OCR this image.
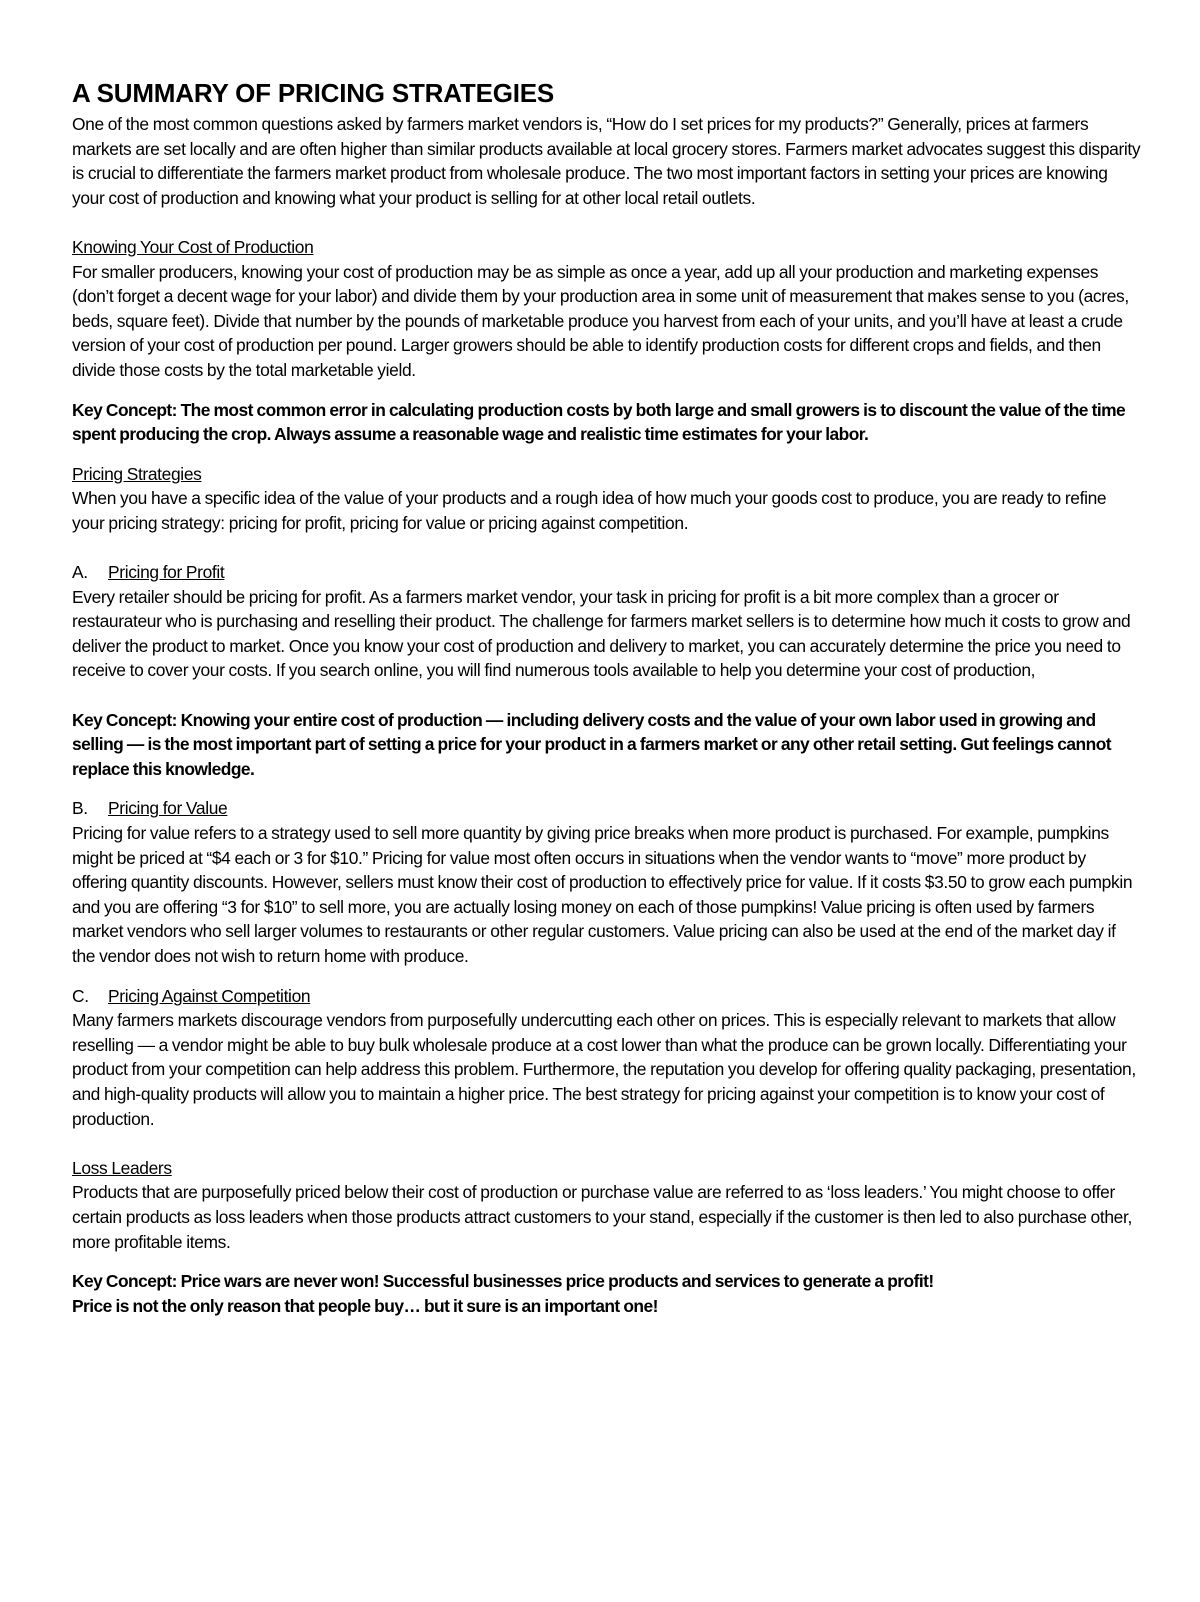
A SUMMARY OF PRICING STRATEGIES

One of the most common questions asked by farmers market vendors is, “How do I set prices for my products?” Generally, prices at farmers markets are set locally and are often higher than similar products available at local grocery stores. Farmers market advocates suggest this disparity is crucial to differentiate the farmers market product from wholesale produce. The two most important factors in setting your prices are knowing your cost of production and knowing what your product is selling for at other local retail outlets.

Knowing Your Cost of Production

For smaller producers, knowing your cost of production may be as simple as once a year, add up all your production and marketing expenses (don’t forget a decent wage for your labor) and divide them by your production area in some unit of measurement that makes sense to you (acres, beds, square feet). Divide that number by the pounds of marketable produce you harvest from each of your units, and you’ll have at least a crude version of your cost of production per pound. Larger growers should be able to identify production costs for different crops and fields, and then divide those costs by the total marketable yield.

Key Concept: The most common error in calculating production costs by both large and small growers is to discount the value of the time spent producing the crop. Always assume a reasonable wage and realistic time estimates for your labor.

Pricing Strategies

When you have a specific idea of the value of your products and a rough idea of how much your goods cost to produce, you are ready to refine your pricing strategy: pricing for profit, pricing for value or pricing against competition.

A.	Pricing for Profit

Every retailer should be pricing for profit. As a farmers market vendor, your task in pricing for profit is a bit more complex than a grocer or restaurateur who is purchasing and reselling their product. The challenge for farmers market sellers is to determine how much it costs to grow and deliver the product to market. Once you know your cost of production and delivery to market, you can accurately determine the price you need to receive to cover your costs. If you search online, you will find numerous tools available to help you determine your cost of production,

Key Concept: Knowing your entire cost of production — including delivery costs and the value of your own labor used in growing and selling — is the most important part of setting a price for your product in a farmers market or any other retail setting. Gut feelings cannot replace this knowledge.

B.	Pricing for Value

Pricing for value refers to a strategy used to sell more quantity by giving price breaks when more product is purchased. For example, pumpkins might be priced at “$4 each or 3 for $10.” Pricing for value most often occurs in situations when the vendor wants to “move” more product by offering quantity discounts. However, sellers must know their cost of production to effectively price for value. If it costs $3.50 to grow each pumpkin and you are offering “3 for $10” to sell more, you are actually losing money on each of those pumpkins! Value pricing is often used by farmers market vendors who sell larger volumes to restaurants or other regular customers. Value pricing can also be used at the end of the market day if the vendor does not wish to return home with produce.

C.	Pricing Against Competition

Many farmers markets discourage vendors from purposefully undercutting each other on prices. This is especially relevant to markets that allow reselling — a vendor might be able to buy bulk wholesale produce at a cost lower than what the produce can be grown locally. Differentiating your product from your competition can help address this problem. Furthermore, the reputation you develop for offering quality packaging, presentation, and high-quality products will allow you to maintain a higher price. The best strategy for pricing against your competition is to know your cost of production.

Loss Leaders

Products that are purposefully priced below their cost of production or purchase value are referred to as ‘loss leaders.’ You might choose to offer certain products as loss leaders when those products attract customers to your stand, especially if the customer is then led to also purchase other, more profitable items.

Key Concept: Price wars are never won! Successful businesses price products and services to generate a profit!

Price is not the only reason that people buy… but it sure is an important one!
